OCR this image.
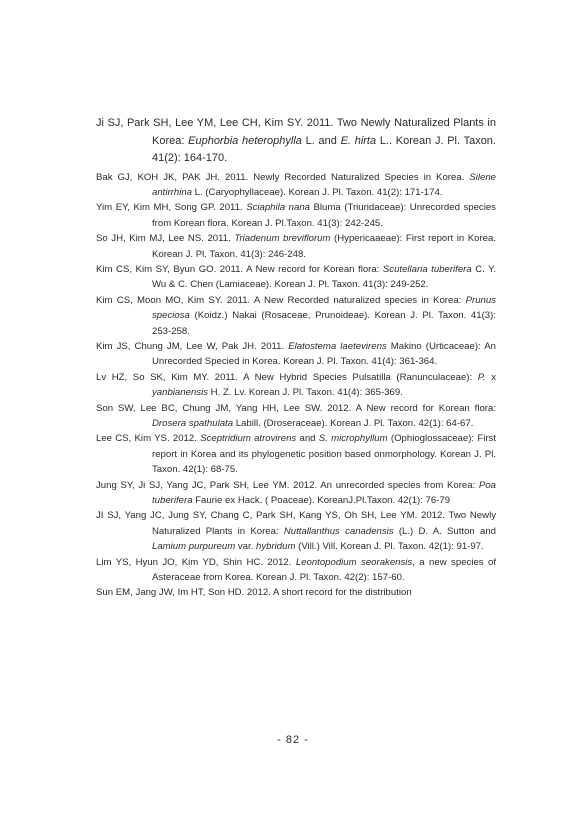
Ji SJ, Park SH, Lee YM, Lee CH, Kim SY. 2011. Two Newly Naturalized Plants in Korea: Euphorbia heterophylla L. and E. hirta L.. Korean J. Pl. Taxon. 41(2): 164-170.

Bak GJ, KOH JK, PAK JH. 2011. Newly Recorded Naturalized Species in Korea. Silene antirrhina L. (Caryophyllaceae). Korean J. Pl. Taxon. 41(2): 171-174.

Yim EY, Kim MH, Song GP. 2011. Sciaphila nana Bluma (Triuridaceae): Unrecorded species from Korean flora. Korean J. Pl.Taxon. 41(3): 242-245.

So JH, Kim MJ, Lee NS. 2011. Triadenum breviflorum (Hypericaaeae): First report in Korea. Korean J. Pl. Taxon. 41(3): 246-248.

Kim CS, Kim SY, Byun GO. 2011. A New record for Korean flora: Scutellaria tuberifera C. Y. Wu & C. Chen (Lamiaceae). Korean J. Pl. Taxon. 41(3): 249-252.

Kim CS, Moon MO, Kim SY. 2011. A New Recorded naturalized species in Korea: Prunus speciosa (Koidz.) Nakai (Rosaceae, Prunoideae). Korean J. Pl. Taxon. 41(3): 253-258.

Kim JS, Chung JM, Lee W, Pak JH. 2011. Elatostema laetevirens Makino (Urticaceae): An Unrecorded Specied in Korea. Korean J. Pl. Taxon. 41(4): 361-364.

Lv HZ, So SK, Kim MY. 2011. A New Hybrid Species Pulsatilla (Ranunculaceae): P. x yanbianensis H. Z. Lv. Korean J. Pl. Taxon. 41(4): 365-369.

Son SW, Lee BC, Chung JM, Yang HH, Lee SW. 2012. A New record for Korean flora: Drosera spathulata Labill. (Droseraceae). Korean J. Pl. Taxon. 42(1): 64-67.

Lee CS, Kim YS. 2012. Sceptridium atrovirens and S. microphyllum (Ophioglossaceae): First report in Korea and its phylogenetic position based onmorphology. Korean J. Pl. Taxon. 42(1): 68-75.

Jung SY, Ji SJ, Yang JC, Park SH, Lee YM. 2012. An unrecorded species from Korea: Poa tuberifera Faurie ex Hack. ( Poaceae). KoreanJ.Pl.Taxon. 42(1): 76-79

JI SJ, Yang JC, Jung SY, Chang C, Park SH, Kang YS, Oh SH, Lee YM. 2012. Two Newly Naturalized Plants in Korea: Nuttallanthus canadensis (L.) D. A. Sutton and Lamium purpureum var. hybridum (Vill.) Vill. Korean J. Pl. Taxon. 42(1): 91-97.

Lim YS, Hyun JO, Kim YD, Shin HC. 2012. Leontopodium seorakensis, a new species of Asteraceae from Korea. Korean J. Pl. Taxon. 42(2): 157-60.

Sun EM, Jang JW, Im HT, Son HD. 2012. A short record for the distribution

- 82 -
